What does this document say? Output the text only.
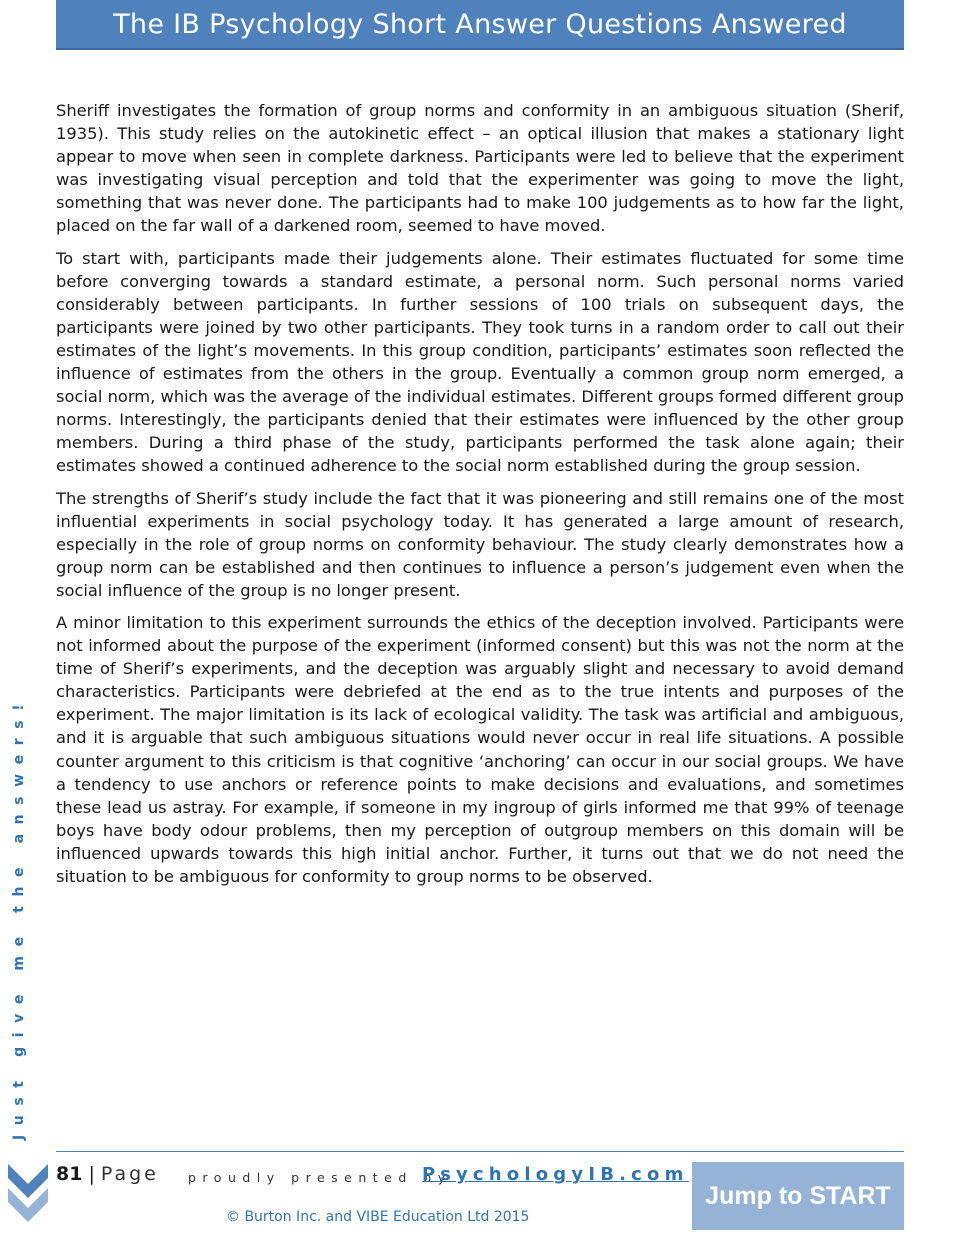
The IB Psychology Short Answer Questions Answered

Sheriff investigates the formation of group norms and conformity in an ambiguous situation (Sherif, 1935). This study relies on the autokinetic effect – an optical illusion that makes a stationary light appear to move when seen in complete darkness. Participants were led to believe that the experiment was investigating visual perception and told that the experimenter was going to move the light, something that was never done. The participants had to make 100 judgements as to how far the light, placed on the far wall of a darkened room, seemed to have moved.

To start with, participants made their judgements alone. Their estimates fluctuated for some time before converging towards a standard estimate, a personal norm. Such personal norms varied considerably between participants. In further sessions of 100 trials on subsequent days, the participants were joined by two other participants. They took turns in a random order to call out their estimates of the light’s movements. In this group condition, participants’ estimates soon reflected the influence of estimates from the others in the group. Eventually a common group norm emerged, a social norm, which was the average of the individual estimates. Different groups formed different group norms. Interestingly, the participants denied that their estimates were influenced by the other group members. During a third phase of the study, participants performed the task alone again; their estimates showed a continued adherence to the social norm established during the group session.

The strengths of Sherif’s study include the fact that it was pioneering and still remains one of the most influential experiments in social psychology today. It has generated a large amount of research, especially in the role of group norms on conformity behaviour. The study clearly demonstrates how a group norm can be established and then continues to influence a person’s judgement even when the social influence of the group is no longer present.

A minor limitation to this experiment surrounds the ethics of the deception involved. Participants were not informed about the purpose of the experiment (informed consent) but this was not the norm at the time of Sherif’s experiments, and the deception was arguably slight and necessary to avoid demand characteristics. Participants were debriefed at the end as to the true intents and purposes of the experiment. The major limitation is its lack of ecological validity. The task was artificial and ambiguous, and it is arguable that such ambiguous situations would never occur in real life situations. A possible counter argument to this criticism is that cognitive ‘anchoring’ can occur in our social groups. We have a tendency to use anchors or reference points to make decisions and evaluations, and sometimes these lead us astray. For example, if someone in my ingroup of girls informed me that 99% of teenage boys have body odour problems, then my perception of outgroup members on this domain will be influenced upwards towards this high initial anchor. Further, it turns out that we do not need the situation to be ambiguous for conformity to group norms to be observed.

Just give me the answers!
81 | Page proudly presented by
PsychologyIB.com
© Burton Inc. and VIBE Education Ltd 2015
Jump to START
